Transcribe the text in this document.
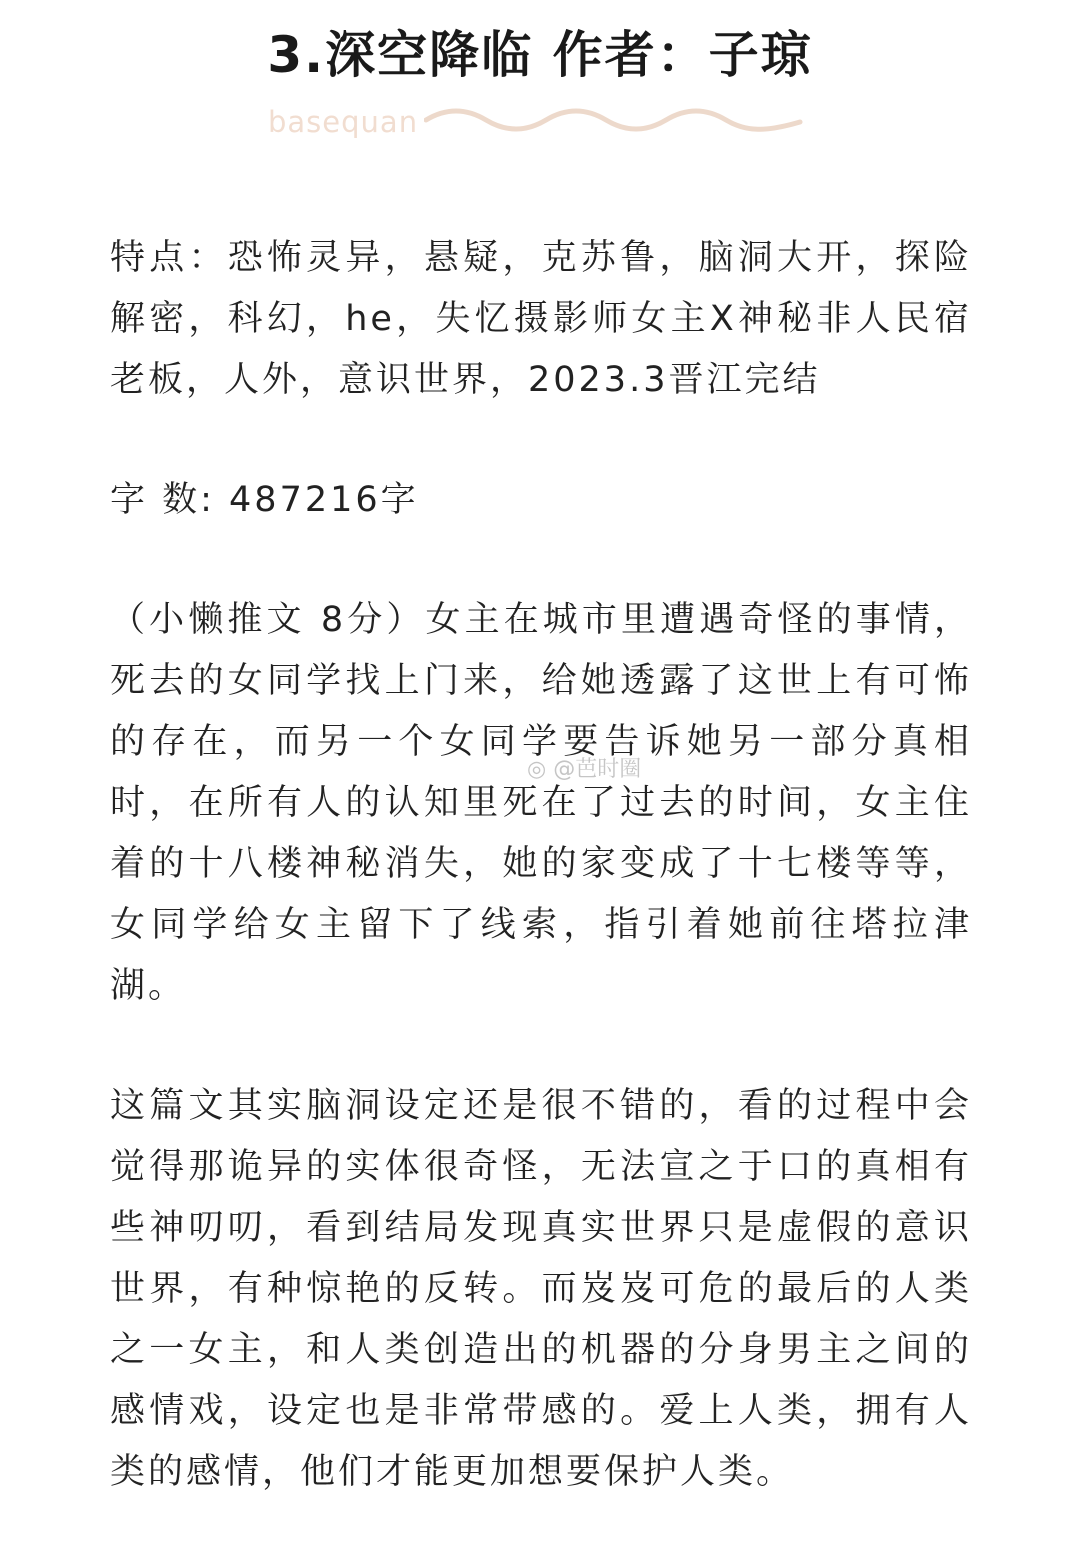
3.深空降临 作者：子琼
basequan

特点：恐怖灵异，悬疑，克苏鲁，脑洞大开，探险解密，科幻，he，失忆摄影师女主X神秘非人民宿老板，人外，意识世界，2023.3晋江完结

字 数: 487216字

（小懒推文 8分）女主在城市里遭遇奇怪的事情，死去的女同学找上门来，给她透露了这世上有可怖的存在，而另一个女同学要告诉她另一部分真相时，在所有人的认知里死在了过去的时间，女主住着的十八楼神秘消失，她的家变成了十七楼等等，女同学给女主留下了线索，指引着她前往塔拉津湖。

这篇文其实脑洞设定还是很不错的，看的过程中会觉得那诡异的实体很奇怪，无法宣之于口的真相有些神叨叨，看到结局发现真实世界只是虚假的意识世界，有种惊艳的反转。而岌岌可危的最后的人类之一女主，和人类创造出的机器的分身男主之间的感情戏，设定也是非常带感的。爱上人类，拥有人类的感情，他们才能更加想要保护人类。

◎ @芭时圈
